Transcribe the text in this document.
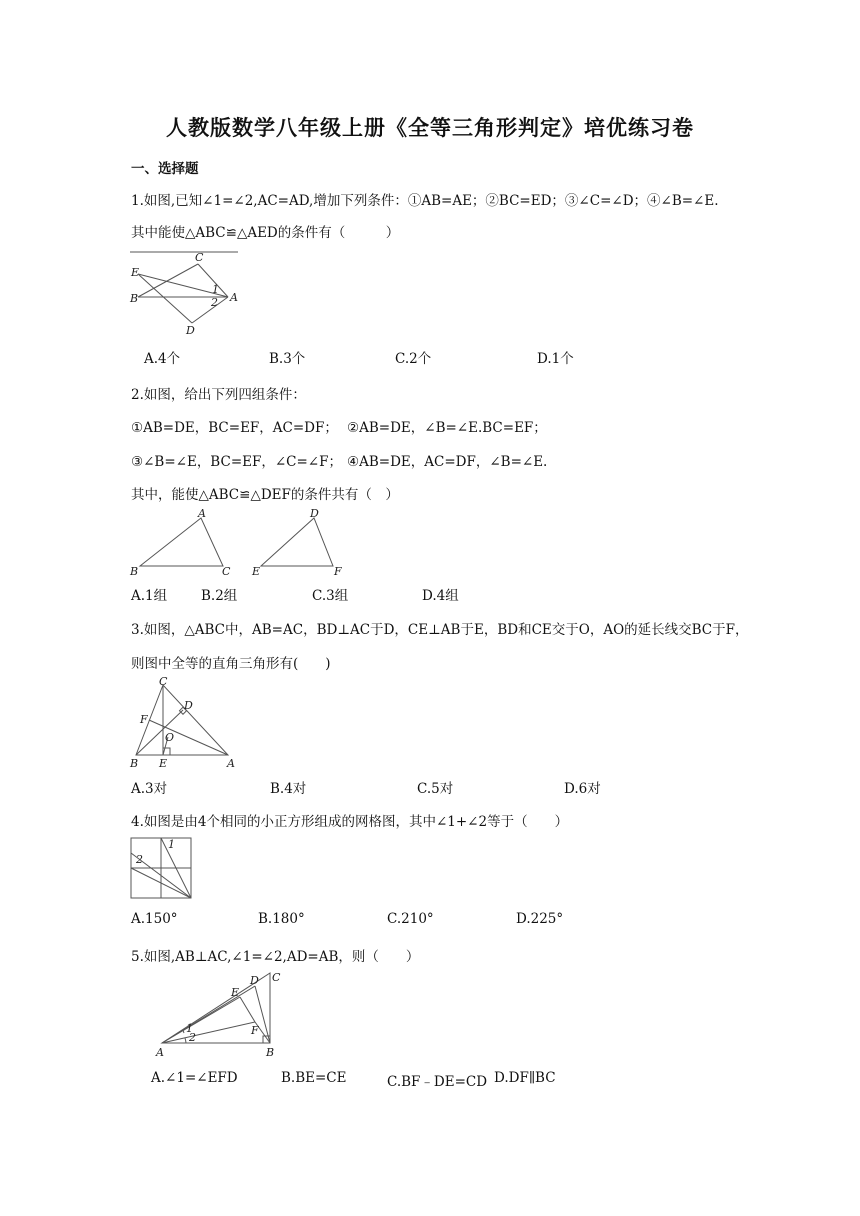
人教版数学八年级上册《全等三角形判定》培优练习卷
一、选择题
1.如图,已知∠1=∠2,AC=AD,增加下列条件：①AB=AE；②BC=ED；③∠C=∠D；④∠B=∠E.
其中能使△ABC≌△AED的条件有（　　　）
E
C
B
1
2 A
D
A.4个	B.3个	C.2个	D.1个
2.如图，给出下列四组条件：
①AB=DE，BC=EF，AC=DF； ②AB=DE，∠B=∠E.BC=EF；
③∠B=∠E，BC=EF，∠C=∠F； ④AB=DE，AC=DF，∠B=∠E.
其中，能使△ABC≌△DEF的条件共有（　）
A
B	C
D
E	F
A.1组	B.2组	C.3组	D.4组
3.如图，△ABC中，AB=AC，BD⊥AC于D，CE⊥AB于E，BD和CE交于O，AO的延长线交BC于F，
则图中全等的直角三角形有(　　)
C
D
F
O
B E	A
A.3对	B.4对	C.5对	D.6对
4.如图是由4个相同的小正方形组成的网格图，其中∠1+∠2等于（　　）
1
2
A.150°	B.180°	C.210°	D.225°
5.如图,AB⊥AC,∠1=∠2,AD=AB，则（　　）
C
D
E
F
1
2
A	B
A.∠1=∠EFD	B.BE=CE	C.BF﹣DE=CD D.DF∥BC
